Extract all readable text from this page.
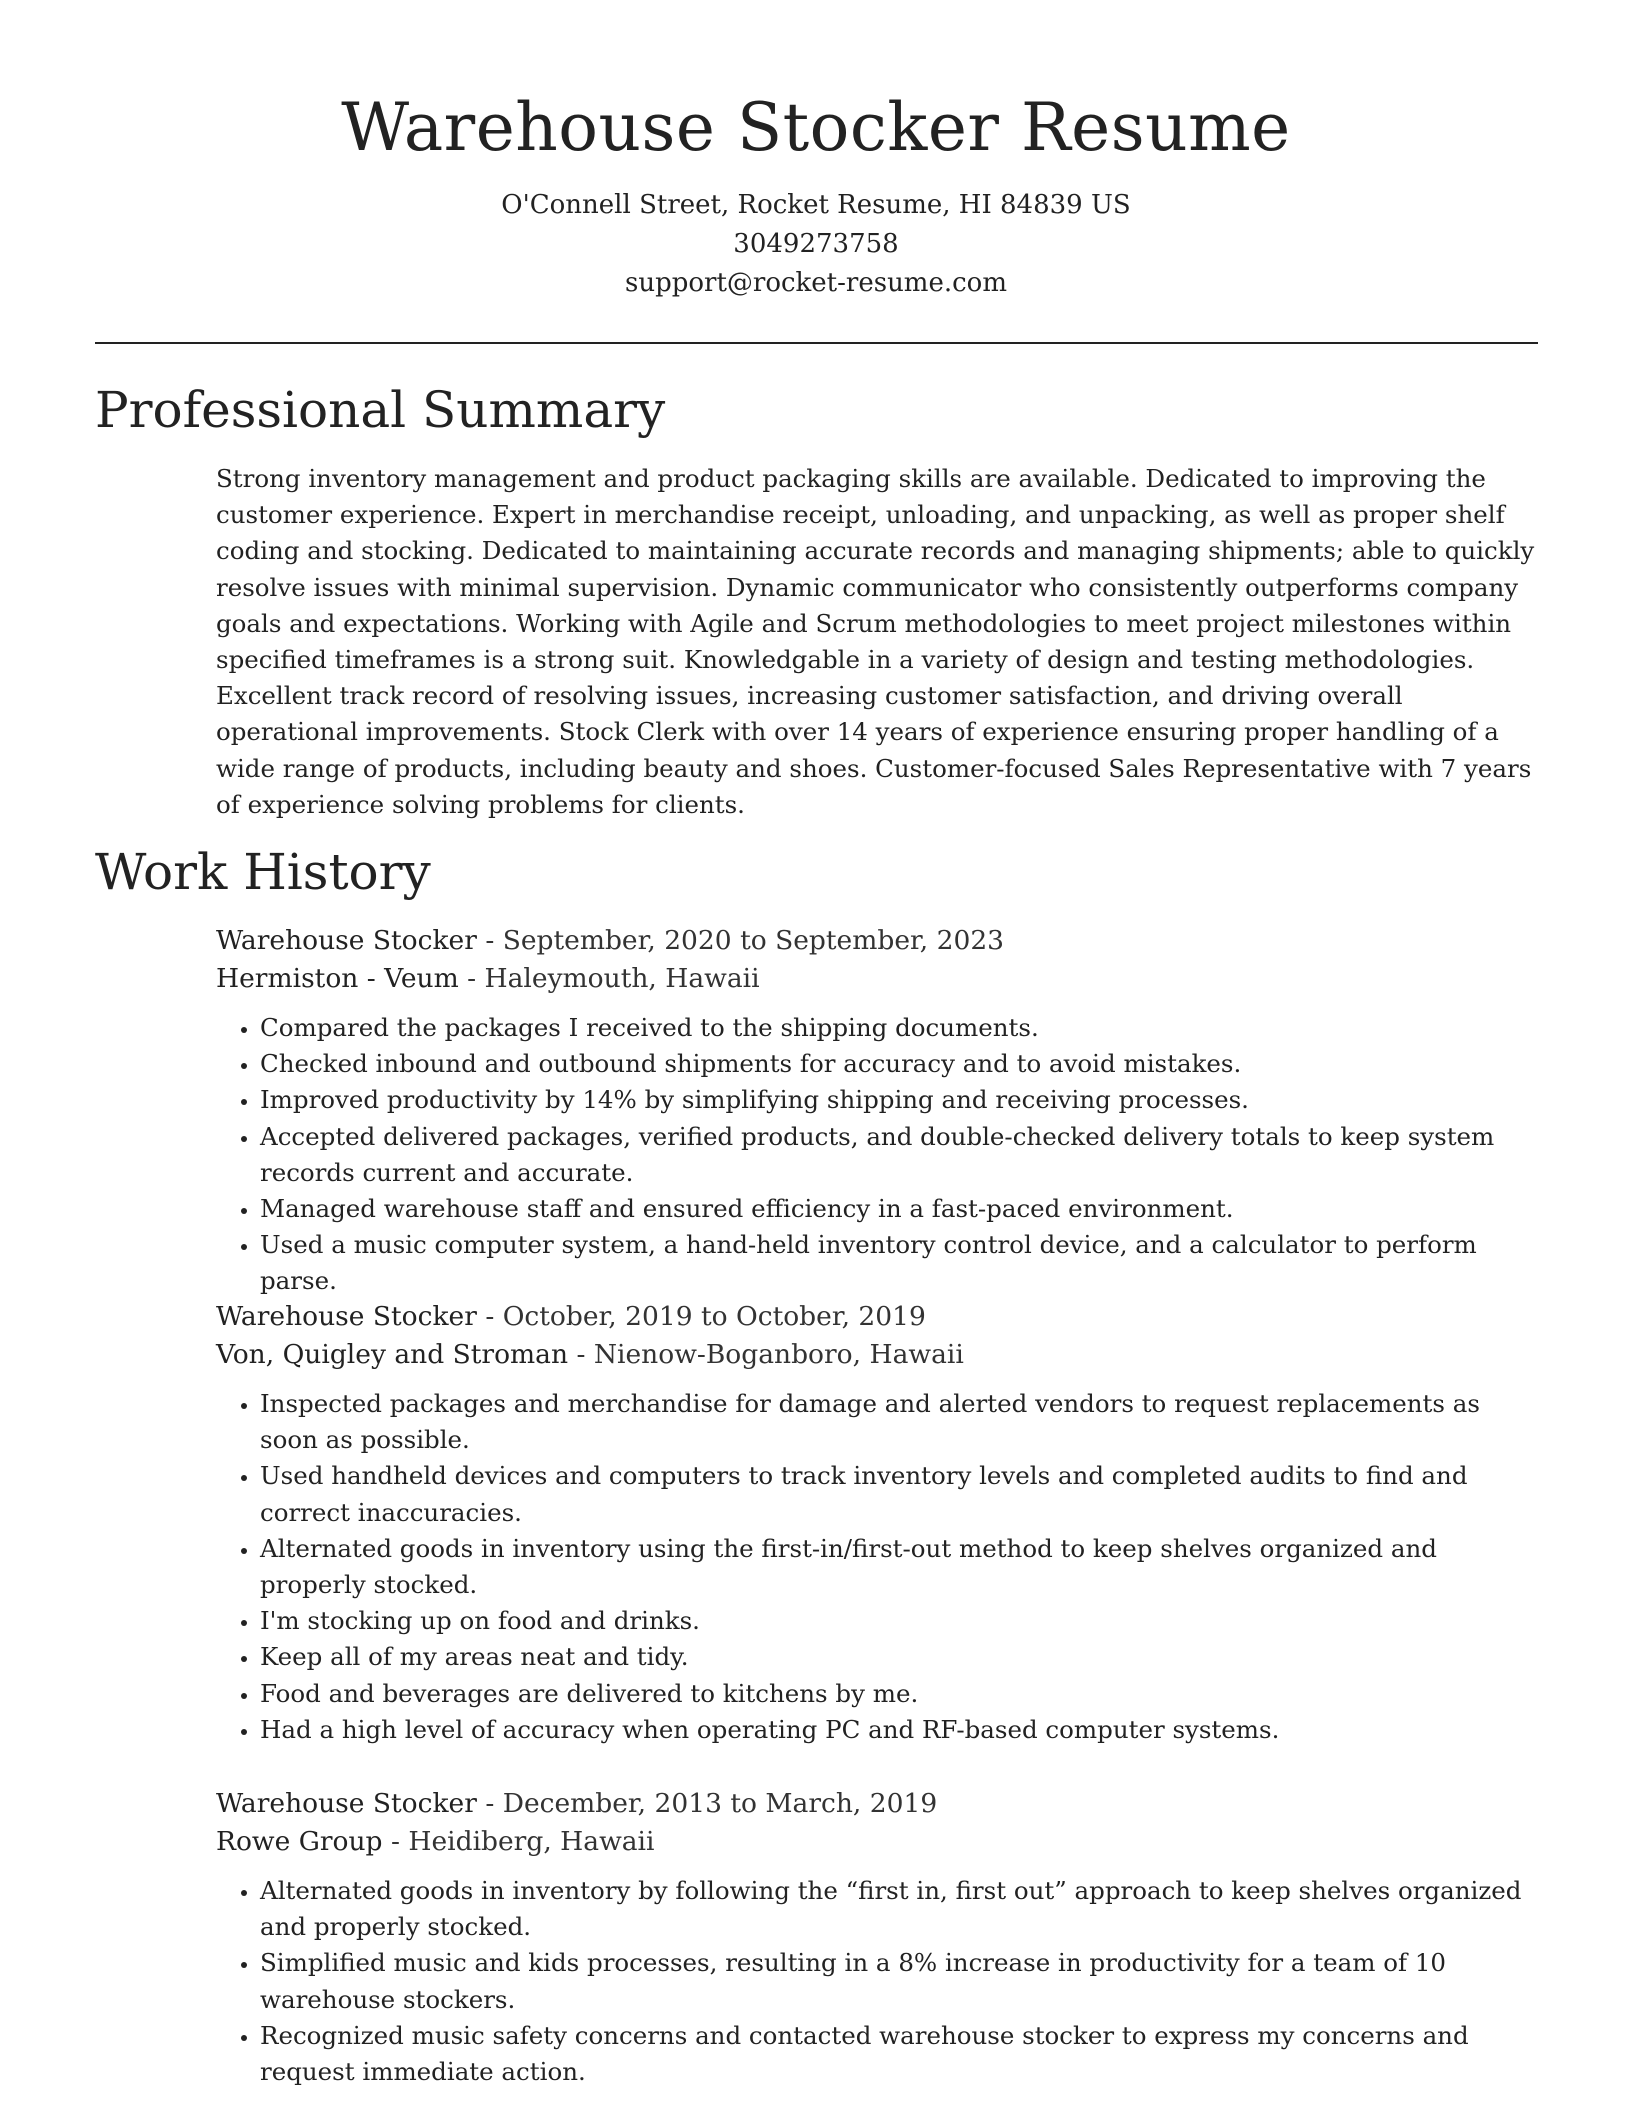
Warehouse Stocker Resume
O'Connell Street, Rocket Resume, HI 84839 US
3049273758
support@rocket-resume.com
Professional Summary

Strong inventory management and product packaging skills are available. Dedicated to improving the customer experience. Expert in merchandise receipt, unloading, and unpacking, as well as proper shelf coding and stocking. Dedicated to maintaining accurate records and managing shipments; able to quickly resolve issues with minimal supervision. Dynamic communicator who consistently outperforms company goals and expectations. Working with Agile and Scrum methodologies to meet project milestones within specified timeframes is a strong suit. Knowledgable in a variety of design and testing methodologies. Excellent track record of resolving issues, increasing customer satisfaction, and driving overall operational improvements. Stock Clerk with over 14 years of experience ensuring proper handling of a wide range of products, including beauty and shoes. Customer-focused Sales Representative with 7 years of experience solving problems for clients.

Work History
Warehouse Stocker - September, 2020 to September, 2023
Hermiston - Veum - Haleymouth, Hawaii
• Compared the packages I received to the shipping documents.
• Checked inbound and outbound shipments for accuracy and to avoid mistakes.
• Improved productivity by 14% by simplifying shipping and receiving processes.
• Accepted delivered packages, verified products, and double-checked delivery totals to keep system records current and accurate.
• Managed warehouse staff and ensured efficiency in a fast-paced environment.
• Used a music computer system, a hand-held inventory control device, and a calculator to perform parse.
Warehouse Stocker - October, 2019 to October, 2019
Von, Quigley and Stroman - Nienow-Boganboro, Hawaii
• Inspected packages and merchandise for damage and alerted vendors to request replacements as soon as possible.
• Used handheld devices and computers to track inventory levels and completed audits to find and correct inaccuracies.
• Alternated goods in inventory using the first-in/first-out method to keep shelves organized and properly stocked.
• I'm stocking up on food and drinks.
• Keep all of my areas neat and tidy.
• Food and beverages are delivered to kitchens by me.
• Had a high level of accuracy when operating PC and RF-based computer systems.
Warehouse Stocker - December, 2013 to March, 2019
Rowe Group - Heidiberg, Hawaii
• Alternated goods in inventory by following the “first in, first out” approach to keep shelves organized and properly stocked.
• Simplified music and kids processes, resulting in a 8% increase in productivity for a team of 10 warehouse stockers.
• Recognized music safety concerns and contacted warehouse stocker to express my concerns and request immediate action.
